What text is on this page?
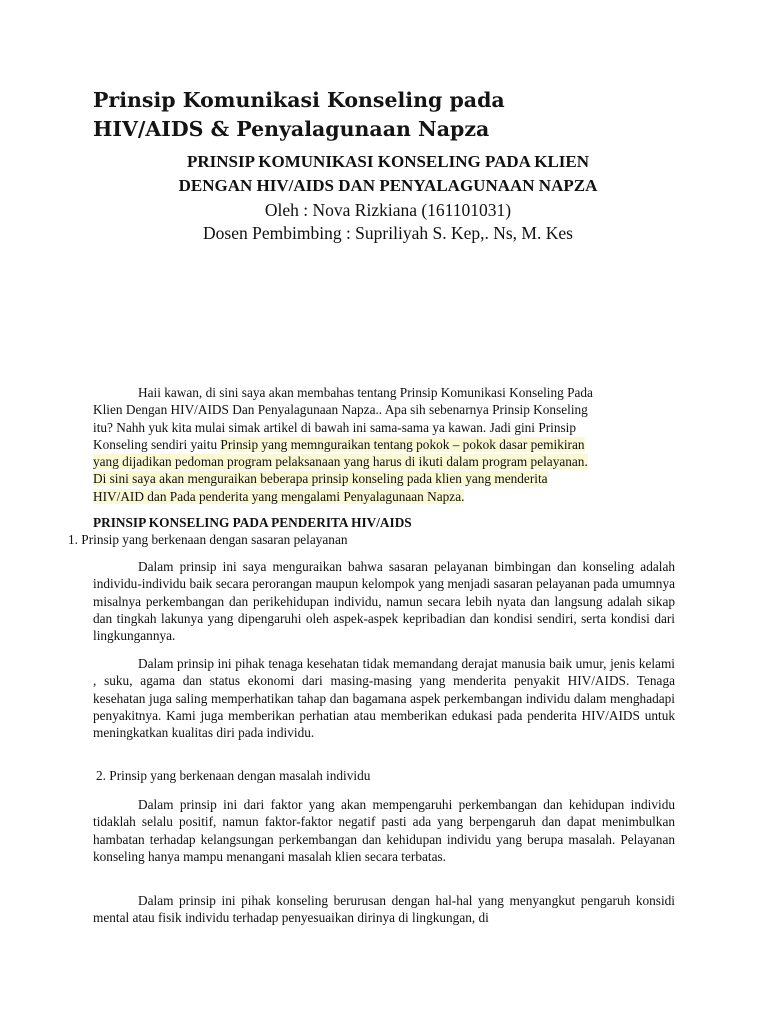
Prinsip Komunikasi Konseling pada
HIV/AIDS & Penyalagunaan Napza
PRINSIP KOMUNIKASI KONSELING PADA KLIEN
DENGAN HIV/AIDS DAN PENYALAGUNAAN NAPZA
Oleh : Nova Rizkiana (161101031)
Dosen Pembimbing : Supriliyah S. Kep,. Ns, M. Kes
Haii kawan, di sini saya akan membahas tentang Prinsip Komunikasi Konseling Pada
Klien Dengan HIV/AIDS Dan Penyalagunaan Napza.. Apa sih sebenarnya Prinsip Konseling
itu? Nahh yuk kita mulai simak artikel di bawah ini sama-sama ya kawan. Jadi gini Prinsip
Konseling sendiri yaitu Prinsip yang memnguraikan tentang pokok – pokok dasar pemikiran
yang dijadikan pedoman program pelaksanaan yang harus di ikuti dalam program pelayanan.
Di sini saya akan menguraikan beberapa prinsip konseling pada klien yang menderita
HIV/AID dan Pada penderita yang mengalami Penyalagunaan Napza.
PRINSIP KONSELING PADA PENDERITA HIV/AIDS
1. Prinsip yang berkenaan dengan sasaran pelayanan
Dalam prinsip ini saya menguraikan bahwa sasaran pelayanan bimbingan dan konseling adalah individu-individu baik secara perorangan maupun kelompok yang menjadi sasaran pelayanan pada umumnya misalnya perkembangan dan perikehidupan individu, namun secara lebih nyata dan langsung adalah sikap dan tingkah lakunya yang dipengaruhi oleh aspek-aspek kepribadian dan kondisi sendiri, serta kondisi dari lingkungannya.
Dalam prinsip ini pihak tenaga kesehatan tidak memandang derajat manusia baik umur, jenis kelami , suku, agama dan status ekonomi dari masing-masing yang menderita penyakit HIV/AIDS. Tenaga kesehatan juga saling memperhatikan tahap dan bagamana aspek perkembangan individu dalam menghadapi penyakitnya. Kami juga memberikan perhatian atau memberikan edukasi pada penderita HIV/AIDS untuk meningkatkan kualitas diri pada individu.
2. Prinsip yang berkenaan dengan masalah individu
Dalam prinsip ini dari faktor yang akan mempengaruhi perkembangan dan kehidupan individu tidaklah selalu positif, namun faktor-faktor negatif pasti ada yang berpengaruh dan dapat menimbulkan hambatan terhadap kelangsungan perkembangan dan kehidupan individu yang berupa masalah. Pelayanan konseling hanya mampu menangani masalah klien secara terbatas.
Dalam prinsip ini pihak konseling berurusan dengan hal-hal yang menyangkut pengaruh konsidi mental atau fisik individu terhadap penyesuaikan dirinya di lingkungan, di
